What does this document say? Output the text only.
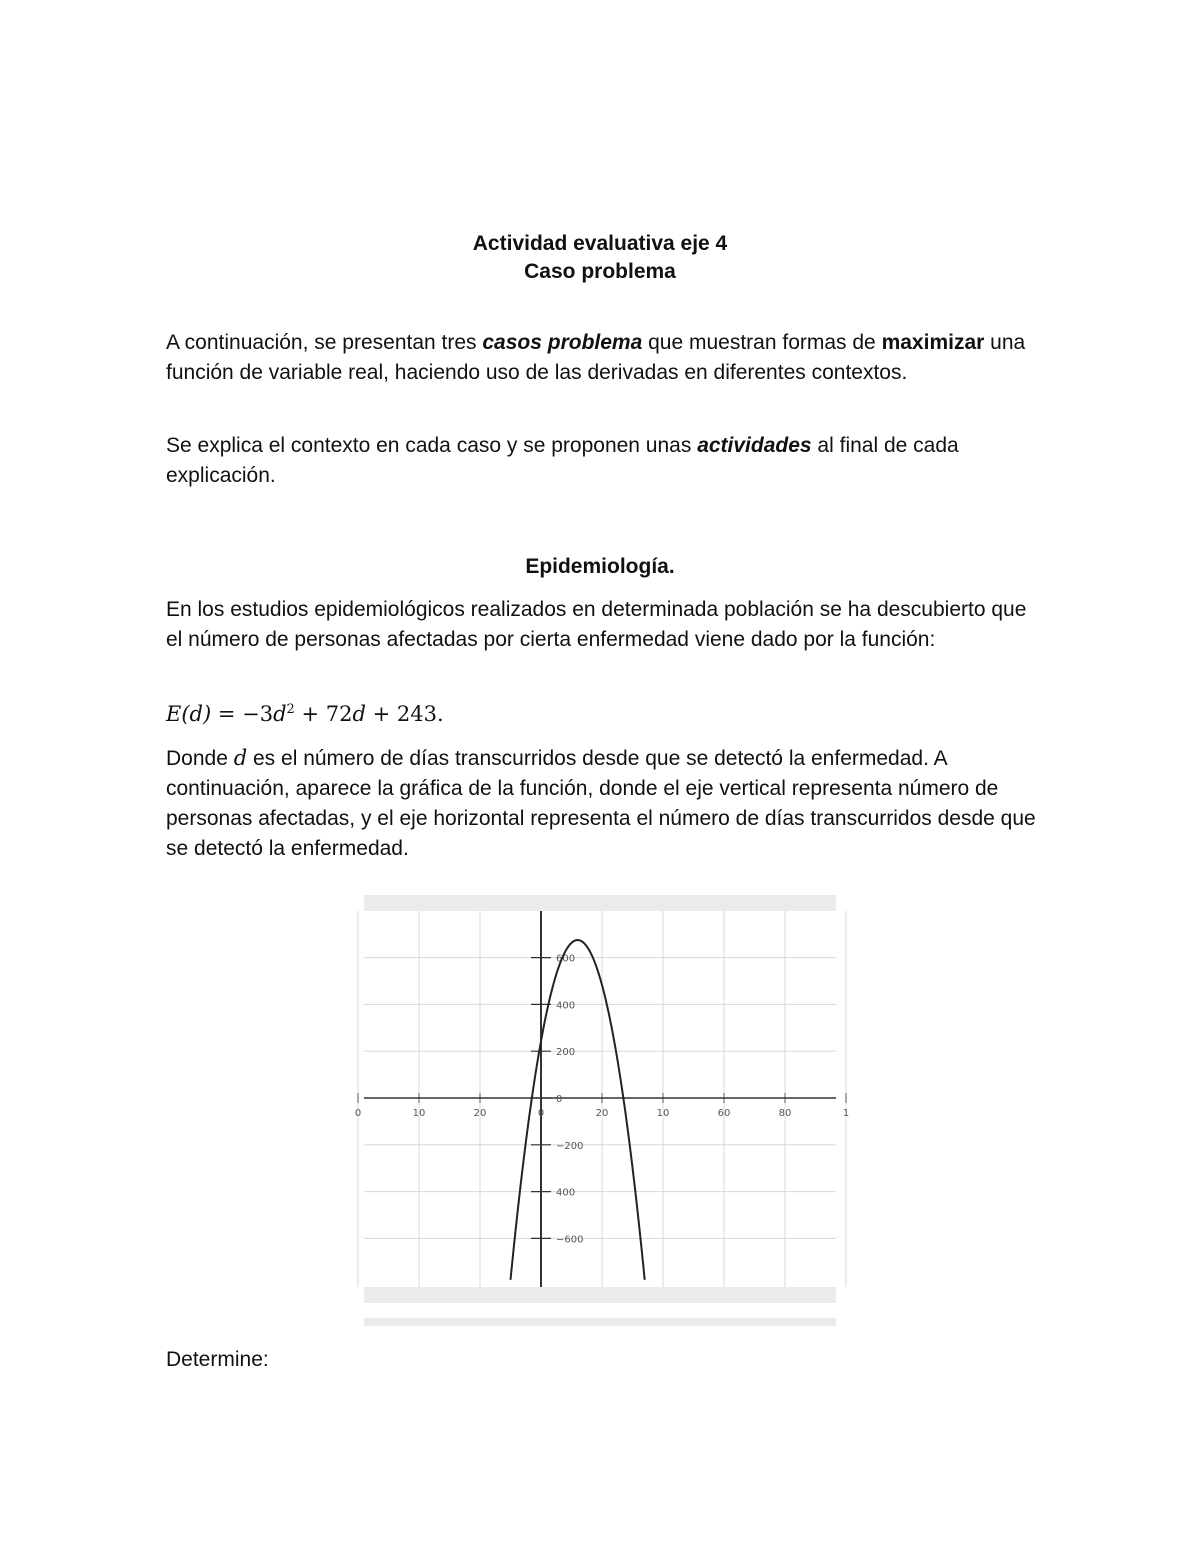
Actividad evaluativa eje 4
Caso problema

A continuación, se presentan tres casos problema que muestran formas de maximizar una función de variable real, haciendo uso de las derivadas en diferentes contextos.

Se explica el contexto en cada caso y se proponen unas actividades al final de cada explicación.

Epidemiología.

En los estudios epidemiológicos realizados en determinada población se ha descubierto que el número de personas afectadas por cierta enfermedad viene dado por la función:

$E(d) = -3d^2 + 72d + 243$.

Donde d es el número de días transcurridos desde que se detectó la enfermedad. A continuación, aparece la gráfica de la función, donde el eje vertical representa número de personas afectadas, y el eje horizontal representa el número de días transcurridos desde que se detectó la enfermedad.

0	10	20	0	20	10	60	80	1
600
400
200
0
−200
400
−600

Determine:
